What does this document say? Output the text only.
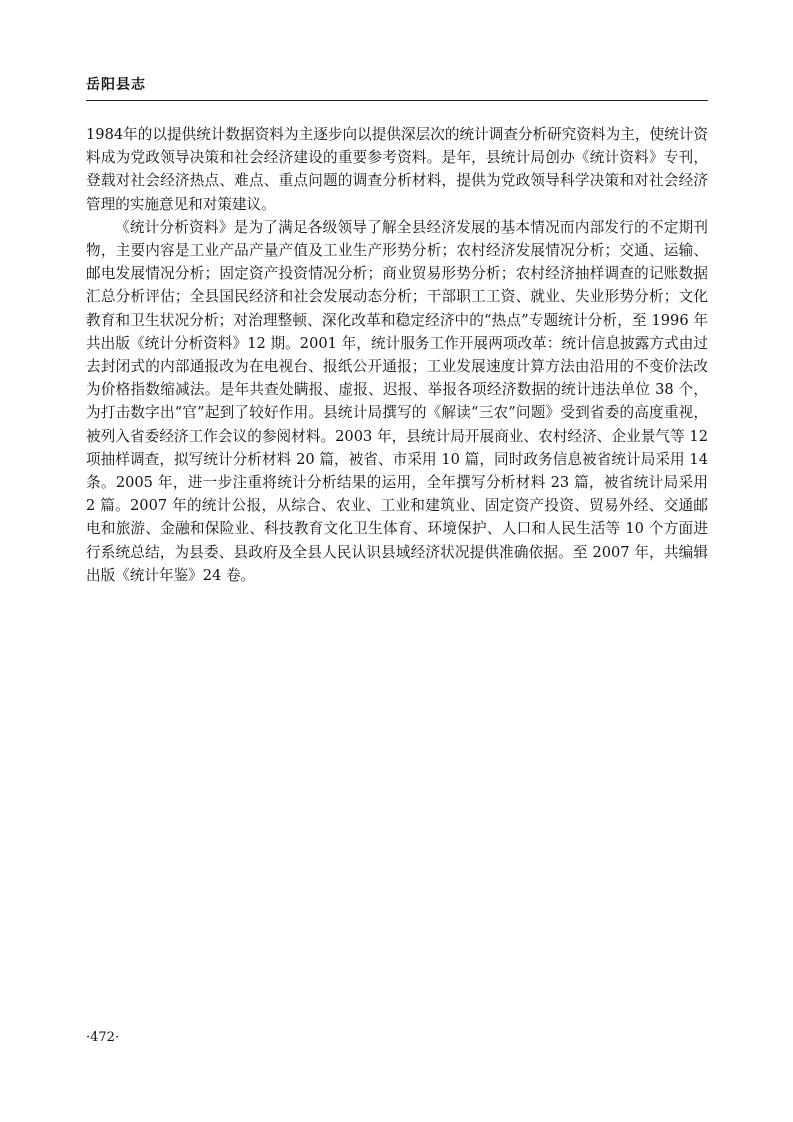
岳阳县志

1984年的以提供统计数据资料为主逐步向以提供深层次的统计调查分析研究资料为主，使统计资料成为党政领导决策和社会经济建设的重要参考资料。是年，县统计局创办《统计资料》专刊，登载对社会经济热点、难点、重点问题的调查分析材料，提供为党政领导科学决策和对社会经济管理的实施意见和对策建议。

《统计分析资料》是为了满足各级领导了解全县经济发展的基本情况而内部发行的不定期刊物，主要内容是工业产品产量产值及工业生产形势分析；农村经济发展情况分析；交通、运输、邮电发展情况分析；固定资产投资情况分析；商业贸易形势分析；农村经济抽样调查的记账数据汇总分析评估；全县国民经济和社会发展动态分析；干部职工工资、就业、失业形势分析；文化教育和卫生状况分析；对治理整顿、深化改革和稳定经济中的“热点”专题统计分析，至 1996 年共出版《统计分析资料》12 期。2001 年，统计服务工作开展两项改革：统计信息披露方式由过去封闭式的内部通报改为在电视台、报纸公开通报；工业发展速度计算方法由沿用的不变价法改为价格指数缩减法。是年共查处瞒报、虚报、迟报、举报各项经济数据的统计违法单位 38 个，为打击数字出“官”起到了较好作用。县统计局撰写的《解读“三农”问题》受到省委的高度重视，被列入省委经济工作会议的参阅材料。2003 年，县统计局开展商业、农村经济、企业景气等 12 项抽样调查，拟写统计分析材料 20 篇，被省、市采用 10 篇，同时政务信息被省统计局采用 14 条。2005 年，进一步注重将统计分析结果的运用，全年撰写分析材料 23 篇，被省统计局采用 2 篇。2007 年的统计公报，从综合、农业、工业和建筑业、固定资产投资、贸易外经、交通邮电和旅游、金融和保险业、科技教育文化卫生体育、环境保护、人口和人民生活等 10 个方面进行系统总结，为县委、县政府及全县人民认识县域经济状况提供准确依据。至 2007 年，共编辑出版《统计年鉴》24 卷。

·472·
